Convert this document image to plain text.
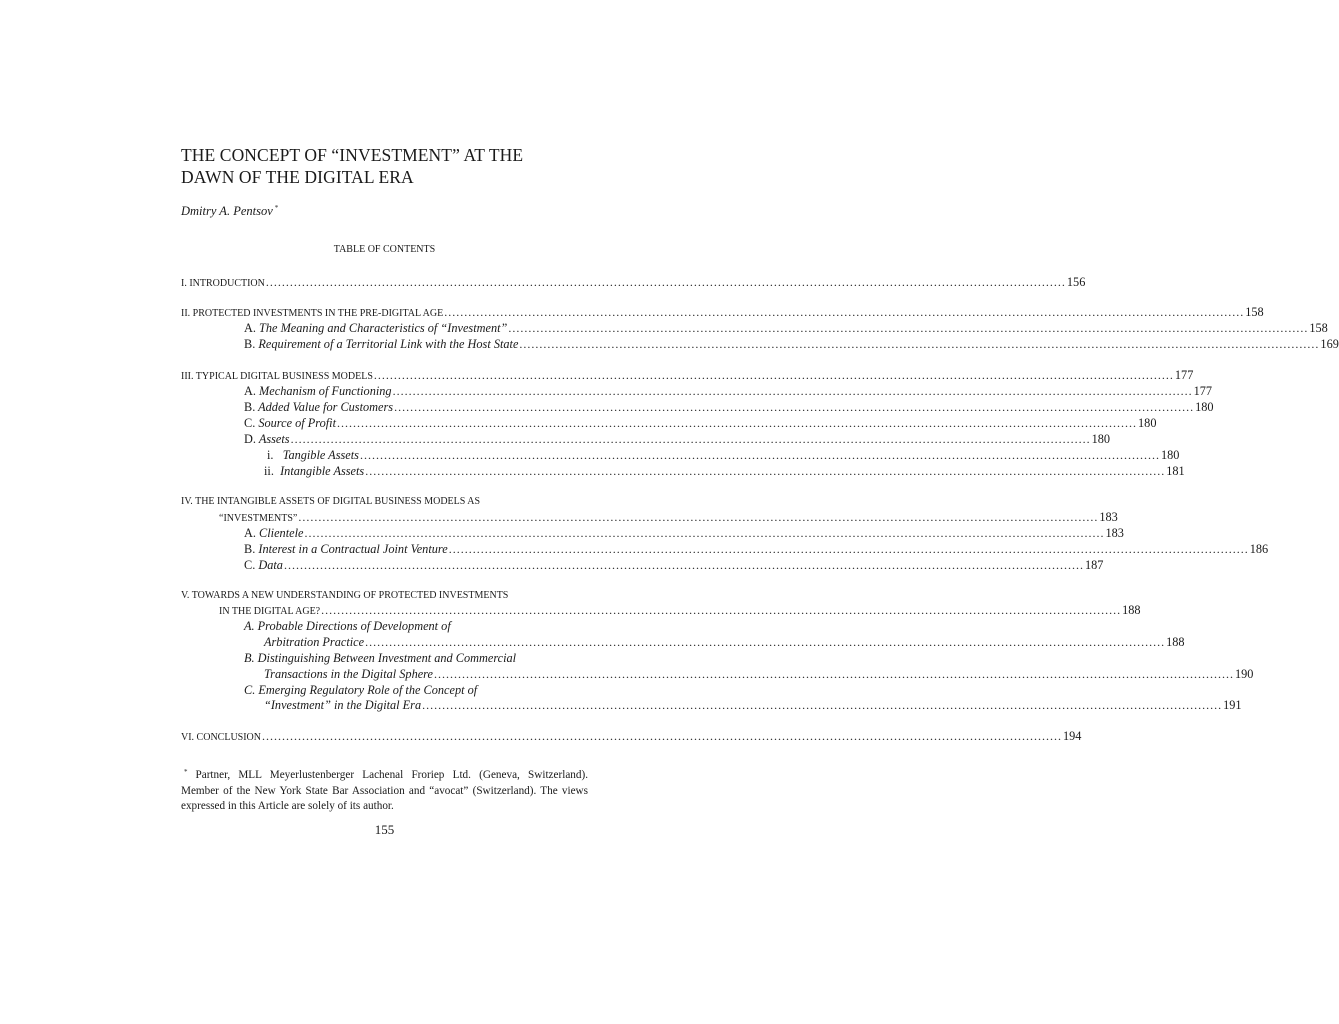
THE CONCEPT OF “INVESTMENT” AT THE
DAWN OF THE DIGITAL ERA
Dmitry A. Pentsov *
TABLE OF CONTENTS
I. INTRODUCTION ........................................................................................................................................................................................................ 156
II. PROTECTED INVESTMENTS IN THE PRE-DIGITAL AGE ........................................................................................................................................................................................................ 158
A. The Meaning and Characteristics of “Investment” ........................................................................................................................................................................................................ 158
B. Requirement of a Territorial Link with the Host State ........................................................................................................................................................................................................ 169
III. TYPICAL DIGITAL BUSINESS MODELS ........................................................................................................................................................................................................ 177
A. Mechanism of Functioning ........................................................................................................................................................................................................ 177
B. Added Value for Customers ........................................................................................................................................................................................................ 180
C. Source of Profit ........................................................................................................................................................................................................ 180
D. Assets ........................................................................................................................................................................................................ 180
i. Tangible Assets ........................................................................................................................................................................................................ 180
ii. Intangible Assets ........................................................................................................................................................................................................ 181
IV. THE INTANGIBLE ASSETS OF DIGITAL BUSINESS MODELS AS
“INVESTMENTS” ........................................................................................................................................................................................................ 183
A. Clientele ........................................................................................................................................................................................................ 183
B. Interest in a Contractual Joint Venture ........................................................................................................................................................................................................ 186
C. Data ........................................................................................................................................................................................................ 187
V. TOWARDS A NEW UNDERSTANDING OF PROTECTED INVESTMENTS
IN THE DIGITAL AGE? ........................................................................................................................................................................................................ 188
A. Probable Directions of Development of
Arbitration Practice ........................................................................................................................................................................................................ 188
B. Distinguishing Between Investment and Commercial
Transactions in the Digital Sphere ........................................................................................................................................................................................................ 190
C. Emerging Regulatory Role of the Concept of
“Investment” in the Digital Era ........................................................................................................................................................................................................ 191
VI. CONCLUSION ........................................................................................................................................................................................................ 194
* Partner, MLL Meyerlustenberger Lachenal Froriep Ltd. (Geneva, Switzerland). Member of the New York State Bar Association and “avocat” (Switzerland). The views expressed in this Article are solely of its author.
155
